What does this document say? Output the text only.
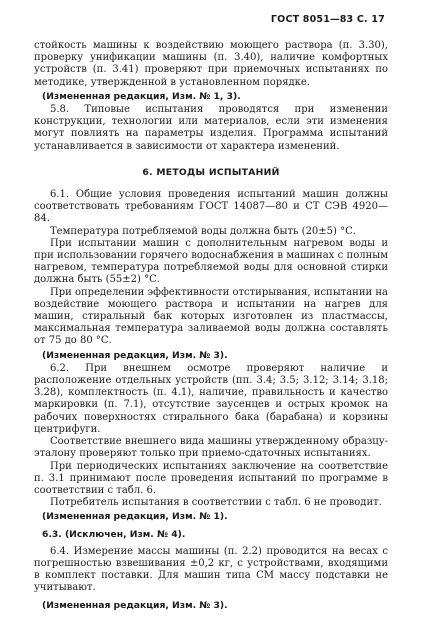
ГОСТ 8051—83 С. 17

стойкость машины к воздействию моющего раствора (п. 3.30), проверку унификации машины (п. 3.40), наличие комфортных устройств (п. 3.41) проверяют при приемочных испытаниях по методике, утвержденной в установленном порядке.

(Измененная редакция, Изм. № 1, 3).

5.8. Типовые испытания проводятся при изменении конструкции, технологии или материалов, если эти изменения могут повлиять на параметры изделия. Программа испытаний устанавливается в зависимости от характера изменений.

6. МЕТОДЫ ИСПЫТАНИЙ

6.1. Общие условия проведения испытаний машин должны соответствовать требованиям ГОСТ 14087—80 и СТ СЭВ 4920—84.

Температура потребляемой воды должна быть (20±5) °С.

При испытании машин с дополнительным нагревом воды и при использовании горячего водоснабжения в машинах с полным нагревом, температура потребляемой воды для основной стирки должна быть (55±2) °С.

При определении эффективности отстирывания, испытании на воздействие моющего раствора и испытании на нагрев для машин, стиральный бак которых изготовлен из пластмассы, максимальная температура заливаемой воды должна составлять от 75 до 80 °С.

(Измененная редакция, Изм. № 3).

6.2. При внешнем осмотре проверяют наличие и расположение отдельных устройств (пп. 3.4; 3.5; 3.12; 3.14; 3.18; 3.28), комплектность (п. 4.1), наличие, правильность и качество маркировки (п. 7.1), отсутствие заусенцев и острых кромок на рабочих поверхностях стирального бака (барабана) и корзины центрифуги.

Соответствие внешнего вида машины утвержденному образцу-эталону проверяют только при приемо-сдаточных испытаниях.

При периодических испытаниях заключение на соответствие п. 3.1 принимают после проведения испытаний по программе в соответствии с табл. 6.

Потребитель испытания в соответствии с табл. 6 не проводит.

(Измененная редакция, Изм. № 1).

6.3. (Исключен, Изм. № 4).

6.4. Измерение массы машины (п. 2.2) проводится на весах с погрешностью взвешивания ±0,2 кг, с устройствами, входящими в комплект поставки. Для машин типа СМ массу подставки не учитывают.

(Измененная редакция, Изм. № 3).
